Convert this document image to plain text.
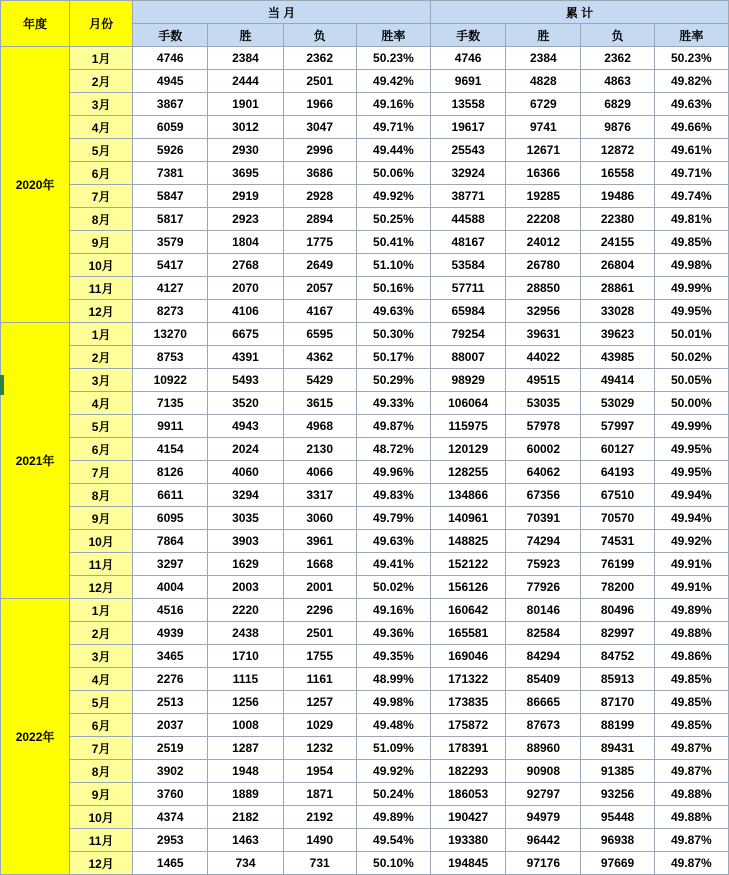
年度	月份	当 月				累 计			
		手数	胜	负	胜率	手数	胜	负	胜率
2020年	1月	4746	2384	2362	50.23%	4746	2384	2362	50.23%
	2月	4945	2444	2501	49.42%	9691	4828	4863	49.82%
	3月	3867	1901	1966	49.16%	13558	6729	6829	49.63%
	4月	6059	3012	3047	49.71%	19617	9741	9876	49.66%
	5月	5926	2930	2996	49.44%	25543	12671	12872	49.61%
	6月	7381	3695	3686	50.06%	32924	16366	16558	49.71%
	7月	5847	2919	2928	49.92%	38771	19285	19486	49.74%
	8月	5817	2923	2894	50.25%	44588	22208	22380	49.81%
	9月	3579	1804	1775	50.41%	48167	24012	24155	49.85%
	10月	5417	2768	2649	51.10%	53584	26780	26804	49.98%
	11月	4127	2070	2057	50.16%	57711	28850	28861	49.99%
	12月	8273	4106	4167	49.63%	65984	32956	33028	49.95%
2021年	1月	13270	6675	6595	50.30%	79254	39631	39623	50.01%
	2月	8753	4391	4362	50.17%	88007	44022	43985	50.02%
	3月	10922	5493	5429	50.29%	98929	49515	49414	50.05%
	4月	7135	3520	3615	49.33%	106064	53035	53029	50.00%
	5月	9911	4943	4968	49.87%	115975	57978	57997	49.99%
	6月	4154	2024	2130	48.72%	120129	60002	60127	49.95%
	7月	8126	4060	4066	49.96%	128255	64062	64193	49.95%
	8月	6611	3294	3317	49.83%	134866	67356	67510	49.94%
	9月	6095	3035	3060	49.79%	140961	70391	70570	49.94%
	10月	7864	3903	3961	49.63%	148825	74294	74531	49.92%
	11月	3297	1629	1668	49.41%	152122	75923	76199	49.91%
	12月	4004	2003	2001	50.02%	156126	77926	78200	49.91%
2022年	1月	4516	2220	2296	49.16%	160642	80146	80496	49.89%
	2月	4939	2438	2501	49.36%	165581	82584	82997	49.88%
	3月	3465	1710	1755	49.35%	169046	84294	84752	49.86%
	4月	2276	1115	1161	48.99%	171322	85409	85913	49.85%
	5月	2513	1256	1257	49.98%	173835	86665	87170	49.85%
	6月	2037	1008	1029	49.48%	175872	87673	88199	49.85%
	7月	2519	1287	1232	51.09%	178391	88960	89431	49.87%
	8月	3902	1948	1954	49.92%	182293	90908	91385	49.87%
	9月	3760	1889	1871	50.24%	186053	92797	93256	49.88%
	10月	4374	2182	2192	49.89%	190427	94979	95448	49.88%
	11月	2953	1463	1490	49.54%	193380	96442	96938	49.87%
	12月	1465	734	731	50.10%	194845	97176	97669	49.87%
